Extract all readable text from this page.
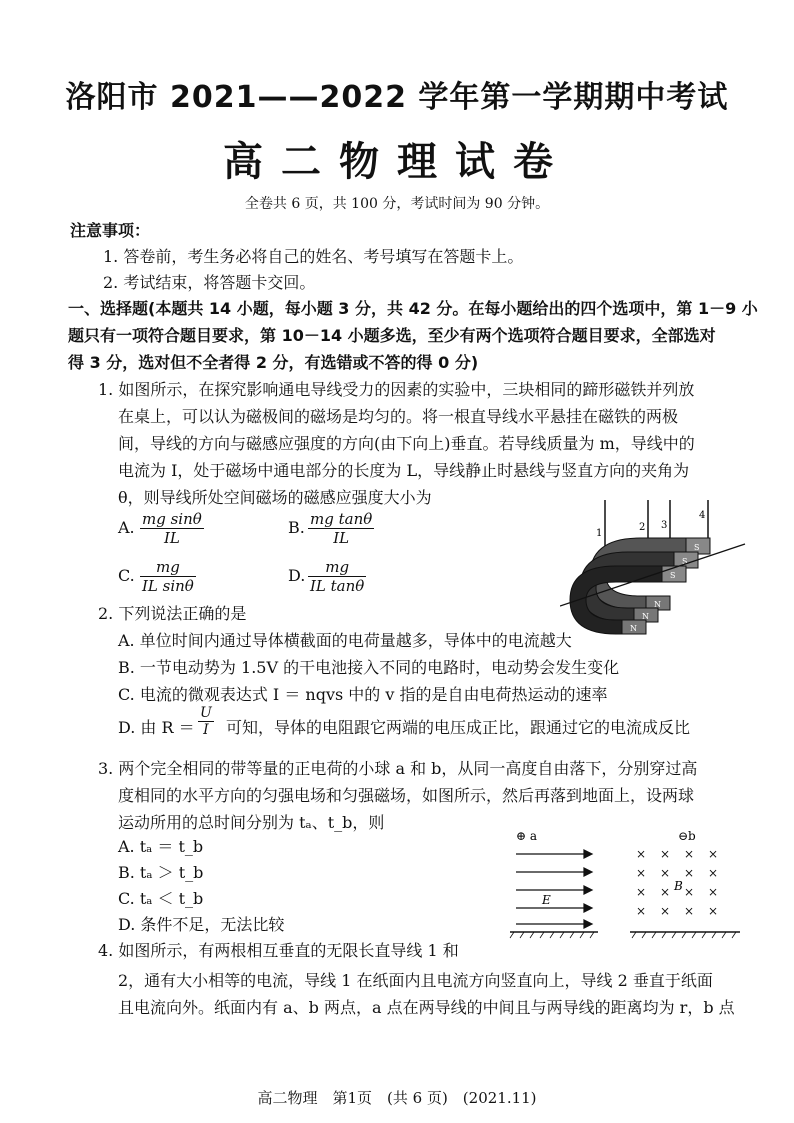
洛阳市 2021——2022 学年第一学期期中考试
高二物理试卷
全卷共 6 页，共 100 分，考试时间为 90 分钟。
注意事项：
1. 答卷前，考生务必将自己的姓名、考号填写在答题卡上。
2. 考试结束，将答题卡交回。
一、选择题(本题共 14 小题，每小题 3 分，共 42 分。在每小题给出的四个选项中，第 1－9 小
题只有一项符合题目要求，第 10－14 小题多选，至少有两个选项符合题目要求，全部选对
得 3 分，选对但不全者得 2 分，有选错或不答的得 0 分)
1. 如图所示，在探究影响通电导线受力的因素的实验中，三块相同的蹄形磁铁并列放
在桌上，可以认为磁极间的磁场是均匀的。将一根直导线水平悬挂在磁铁的两极
间，导线的方向与磁感应强度的方向(由下向上)垂直。若导线质量为 m，导线中的
电流为 I，处于磁场中通电部分的长度为 L，导线静止时悬线与竖直方向的夹角为
θ，则导线所处空间磁场的磁感应强度大小为
A. $\frac{\text{mg sinθ}}{IL}$	B. $\frac{\text{mg tanθ}}{IL}$
C. $\frac{mg}{\text{IL sinθ}}$	D. $\frac{mg}{\text{IL tanθ}}$
1
2 3
4
S
S
S
N
N
N
2. 下列说法正确的是
A. 单位时间内通过导体横截面的电荷量越多，导体中的电流越大
B. 一节电动势为 1.5V 的干电池接入不同的电路时，电动势会发生变化
C. 电流的微观表达式 I ＝ nqvs 中的 v 指的是自由电荷热运动的速率
D. 由 $R = \frac{U}{I}$ 可知，导体的电阻跟它两端的电压成正比，跟通过它的电流成反比
3. 两个完全相同的带等量的正电荷的小球 a 和 b，从同一高度自由落下，分别穿过高
度相同的水平方向的匀强电场和匀强磁场，如图所示，然后再落到地面上，设两球
运动所用的总时间分别为 tₐ、t_b，则
A. tₐ ＝ t_b
B. tₐ ＞ t_b
C. tₐ ＜ t_b
D. 条件不足，无法比较
⊕ a	⊖b
E
× × × ×
× × × ×
× × × ×
× × × ×
B
4. 如图所示，有两根相互垂直的无限长直导线 1 和
2，通有大小相等的电流，导线 1 在纸面内且电流方向竖直向上，导线 2 垂直于纸面
且电流向外。纸面内有 a、b 两点，a 点在两导线的中间且与两导线的距离均为 r，b 点
高二物理　第1页　(共 6 页)　(2021.11)
